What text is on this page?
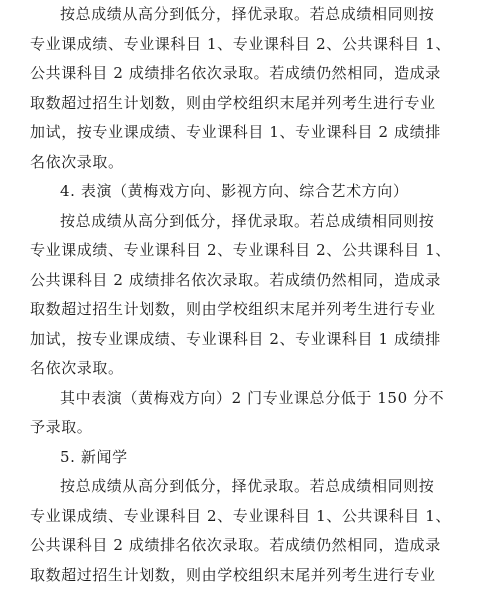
按总成绩从高分到低分，择优录取。若总成绩相同则按
专业课成绩、专业课科目 1、专业课科目 2、公共课科目 1、
公共课科目 2 成绩排名依次录取。若成绩仍然相同，造成录
取数超过招生计划数，则由学校组织末尾并列考生进行专业
加试，按专业课成绩、专业课科目 1、专业课科目 2 成绩排
名依次录取。
4. 表演（黄梅戏方向、影视方向、综合艺术方向）
按总成绩从高分到低分，择优录取。若总成绩相同则按
专业课成绩、专业课科目 2、专业课科目 2、公共课科目 1、
公共课科目 2 成绩排名依次录取。若成绩仍然相同，造成录
取数超过招生计划数，则由学校组织末尾并列考生进行专业
加试，按专业课成绩、专业课科目 2、专业课科目 1 成绩排
名依次录取。
其中表演（黄梅戏方向）2 门专业课总分低于 150 分不
予录取。
5. 新闻学
按总成绩从高分到低分，择优录取。若总成绩相同则按
专业课成绩、专业课科目 2、专业课科目 1、公共课科目 1、
公共课科目 2 成绩排名依次录取。若成绩仍然相同，造成录
取数超过招生计划数，则由学校组织末尾并列考生进行专业
